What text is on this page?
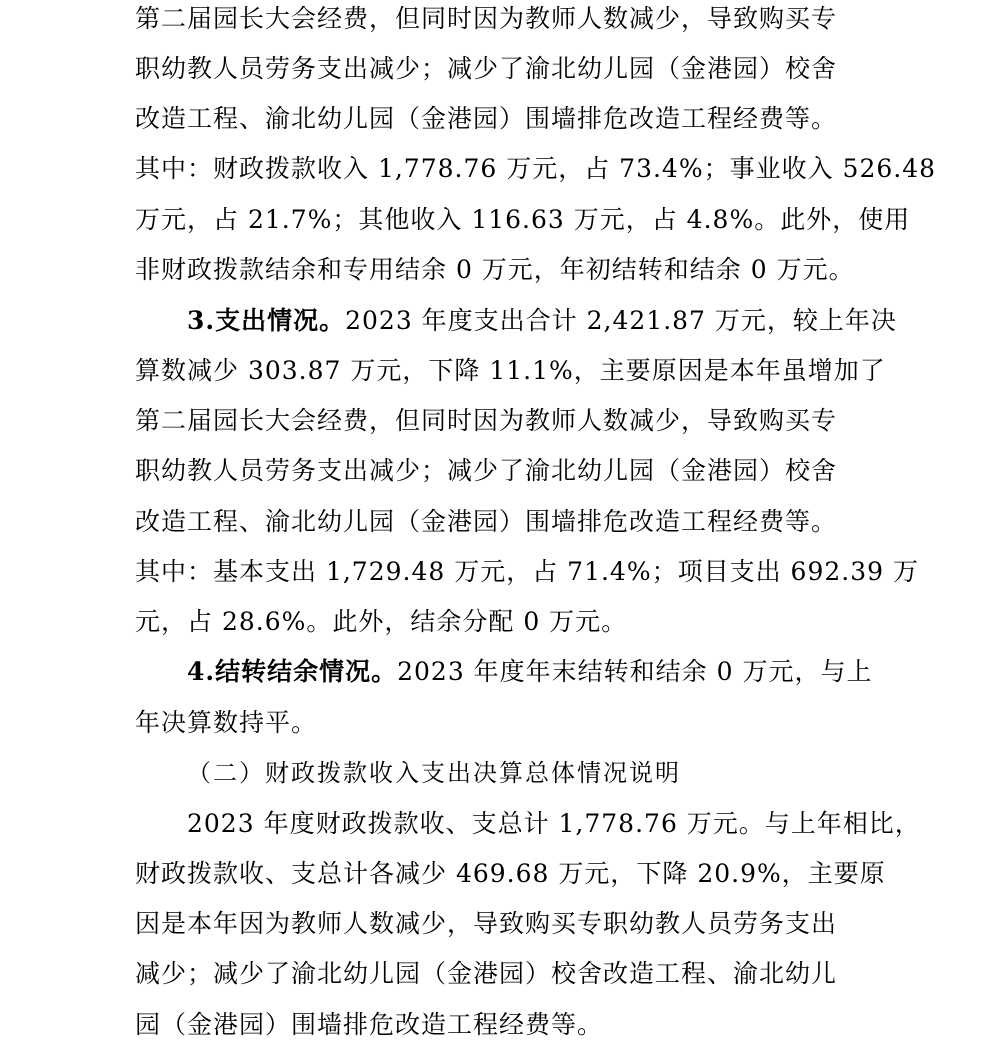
第二届园长大会经费，但同时因为教师人数减少，导致购买专
职幼教人员劳务支出减少；减少了渝北幼儿园（金港园）校舍
改造工程、渝北幼儿园（金港园）围墙排危改造工程经费等。
其中：财政拨款收入 1,778.76 万元，占 73.4%；事业收入 526.48
万元，占 21.7%；其他收入 116.63 万元，占 4.8%。此外，使用
非财政拨款结余和专用结余 0 万元，年初结转和结余 0 万元。
3.支出情况。2023 年度支出合计 2,421.87 万元，较上年决
算数减少 303.87 万元，下降 11.1%，主要原因是本年虽增加了
第二届园长大会经费，但同时因为教师人数减少，导致购买专
职幼教人员劳务支出减少；减少了渝北幼儿园（金港园）校舍
改造工程、渝北幼儿园（金港园）围墙排危改造工程经费等。
其中：基本支出 1,729.48 万元，占 71.4%；项目支出 692.39 万
元，占 28.6%。此外，结余分配 0 万元。
4.结转结余情况。2023 年度年末结转和结余 0 万元，与上
年决算数持平。
（二）财政拨款收入支出决算总体情况说明
2023 年度财政拨款收、支总计 1,778.76 万元。与上年相比，
财政拨款收、支总计各减少 469.68 万元，下降 20.9%，主要原
因是本年因为教师人数减少，导致购买专职幼教人员劳务支出
减少；减少了渝北幼儿园（金港园）校舍改造工程、渝北幼儿
园（金港园）围墙排危改造工程经费等。
